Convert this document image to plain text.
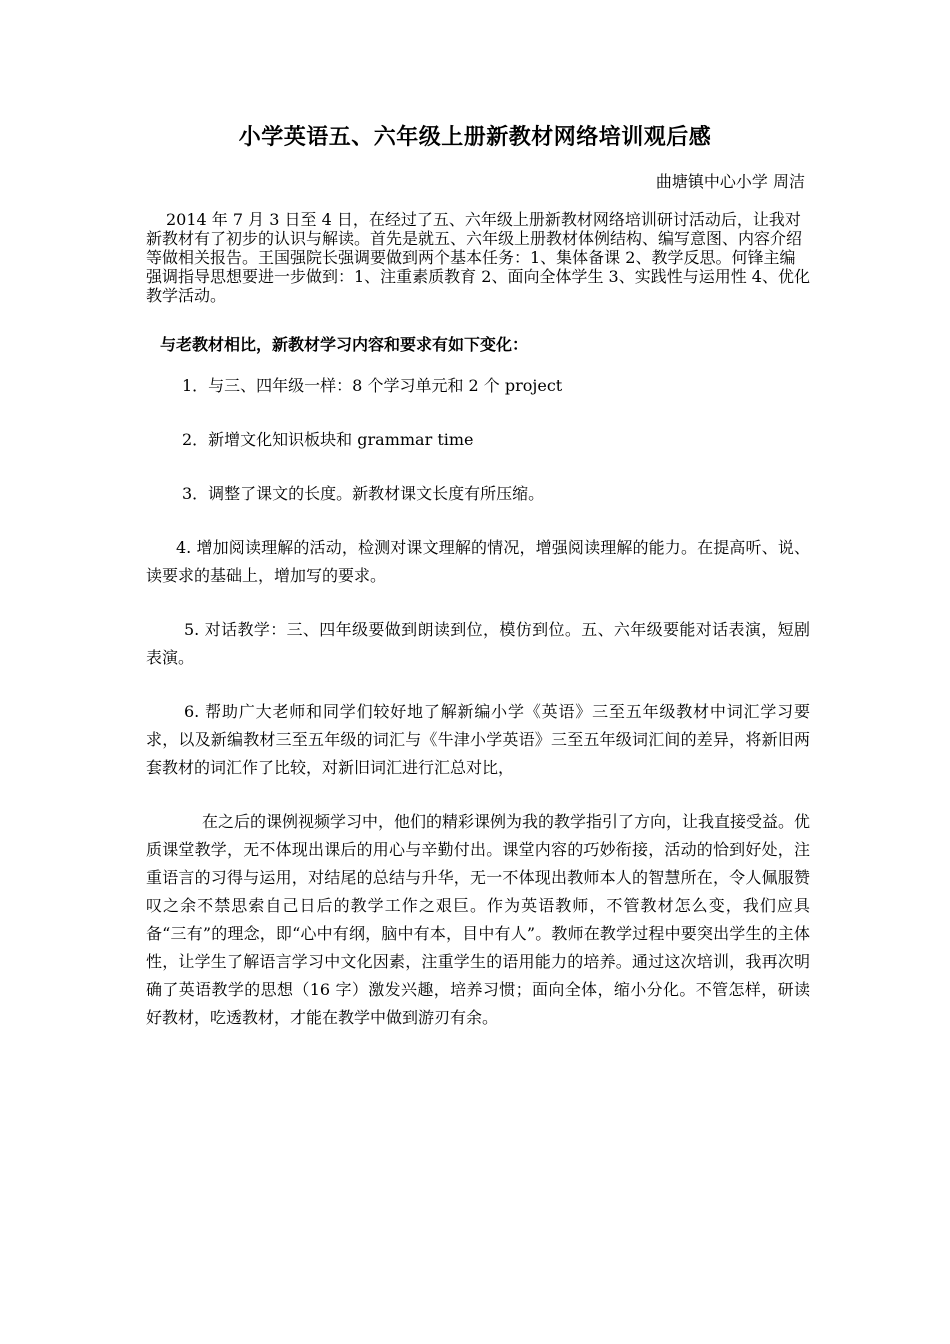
小学英语五、六年级上册新教材网络培训观后感
曲塘镇中心小学 周洁

2014 年 7 月 3 日至 4 日，在经过了五、六年级上册新教材网络培训研讨活动后，让我对新教材有了初步的认识与解读。首先是就五、六年级上册教材体例结构、编写意图、内容介绍等做相关报告。王国强院长强调要做到两个基本任务：1、集体备课 2、教学反思。何锋主编强调指导思想要进一步做到：1、注重素质教育 2、面向全体学生 3、实践性与运用性 4、优化教学活动。

与老教材相比，新教材学习内容和要求有如下变化：
1．与三、四年级一样：8 个学习单元和 2 个 project
2．新增文化知识板块和 grammar time
3．调整了课文的长度。新教材课文长度有所压缩。

4. 增加阅读理解的活动，检测对课文理解的情况，增强阅读理解的能力。在提高听、说、读要求的基础上，增加写的要求。

5. 对话教学：三、四年级要做到朗读到位，模仿到位。五、六年级要能对话表演，短剧表演。

6. 帮助广大老师和同学们较好地了解新编小学《英语》三至五年级教材中词汇学习要求，以及新编教材三至五年级的词汇与《牛津小学英语》三至五年级词汇间的差异，将新旧两套教材的词汇作了比较，对新旧词汇进行汇总对比，

在之后的课例视频学习中，他们的精彩课例为我的教学指引了方向，让我直接受益。优质课堂教学，无不体现出课后的用心与辛勤付出。课堂内容的巧妙衔接，活动的恰到好处，注重语言的习得与运用，对结尾的总结与升华，无一不体现出教师本人的智慧所在，令人佩服赞叹之余不禁思索自己日后的教学工作之艰巨。作为英语教师，不管教材怎么变，我们应具备“三有”的理念，即“心中有纲，脑中有本，目中有人”。教师在教学过程中要突出学生的主体性，让学生了解语言学习中文化因素，注重学生的语用能力的培养。通过这次培训，我再次明确了英语教学的思想（16 字）激发兴趣，培养习惯；面向全体，缩小分化。不管怎样，研读好教材，吃透教材，才能在教学中做到游刃有余。
